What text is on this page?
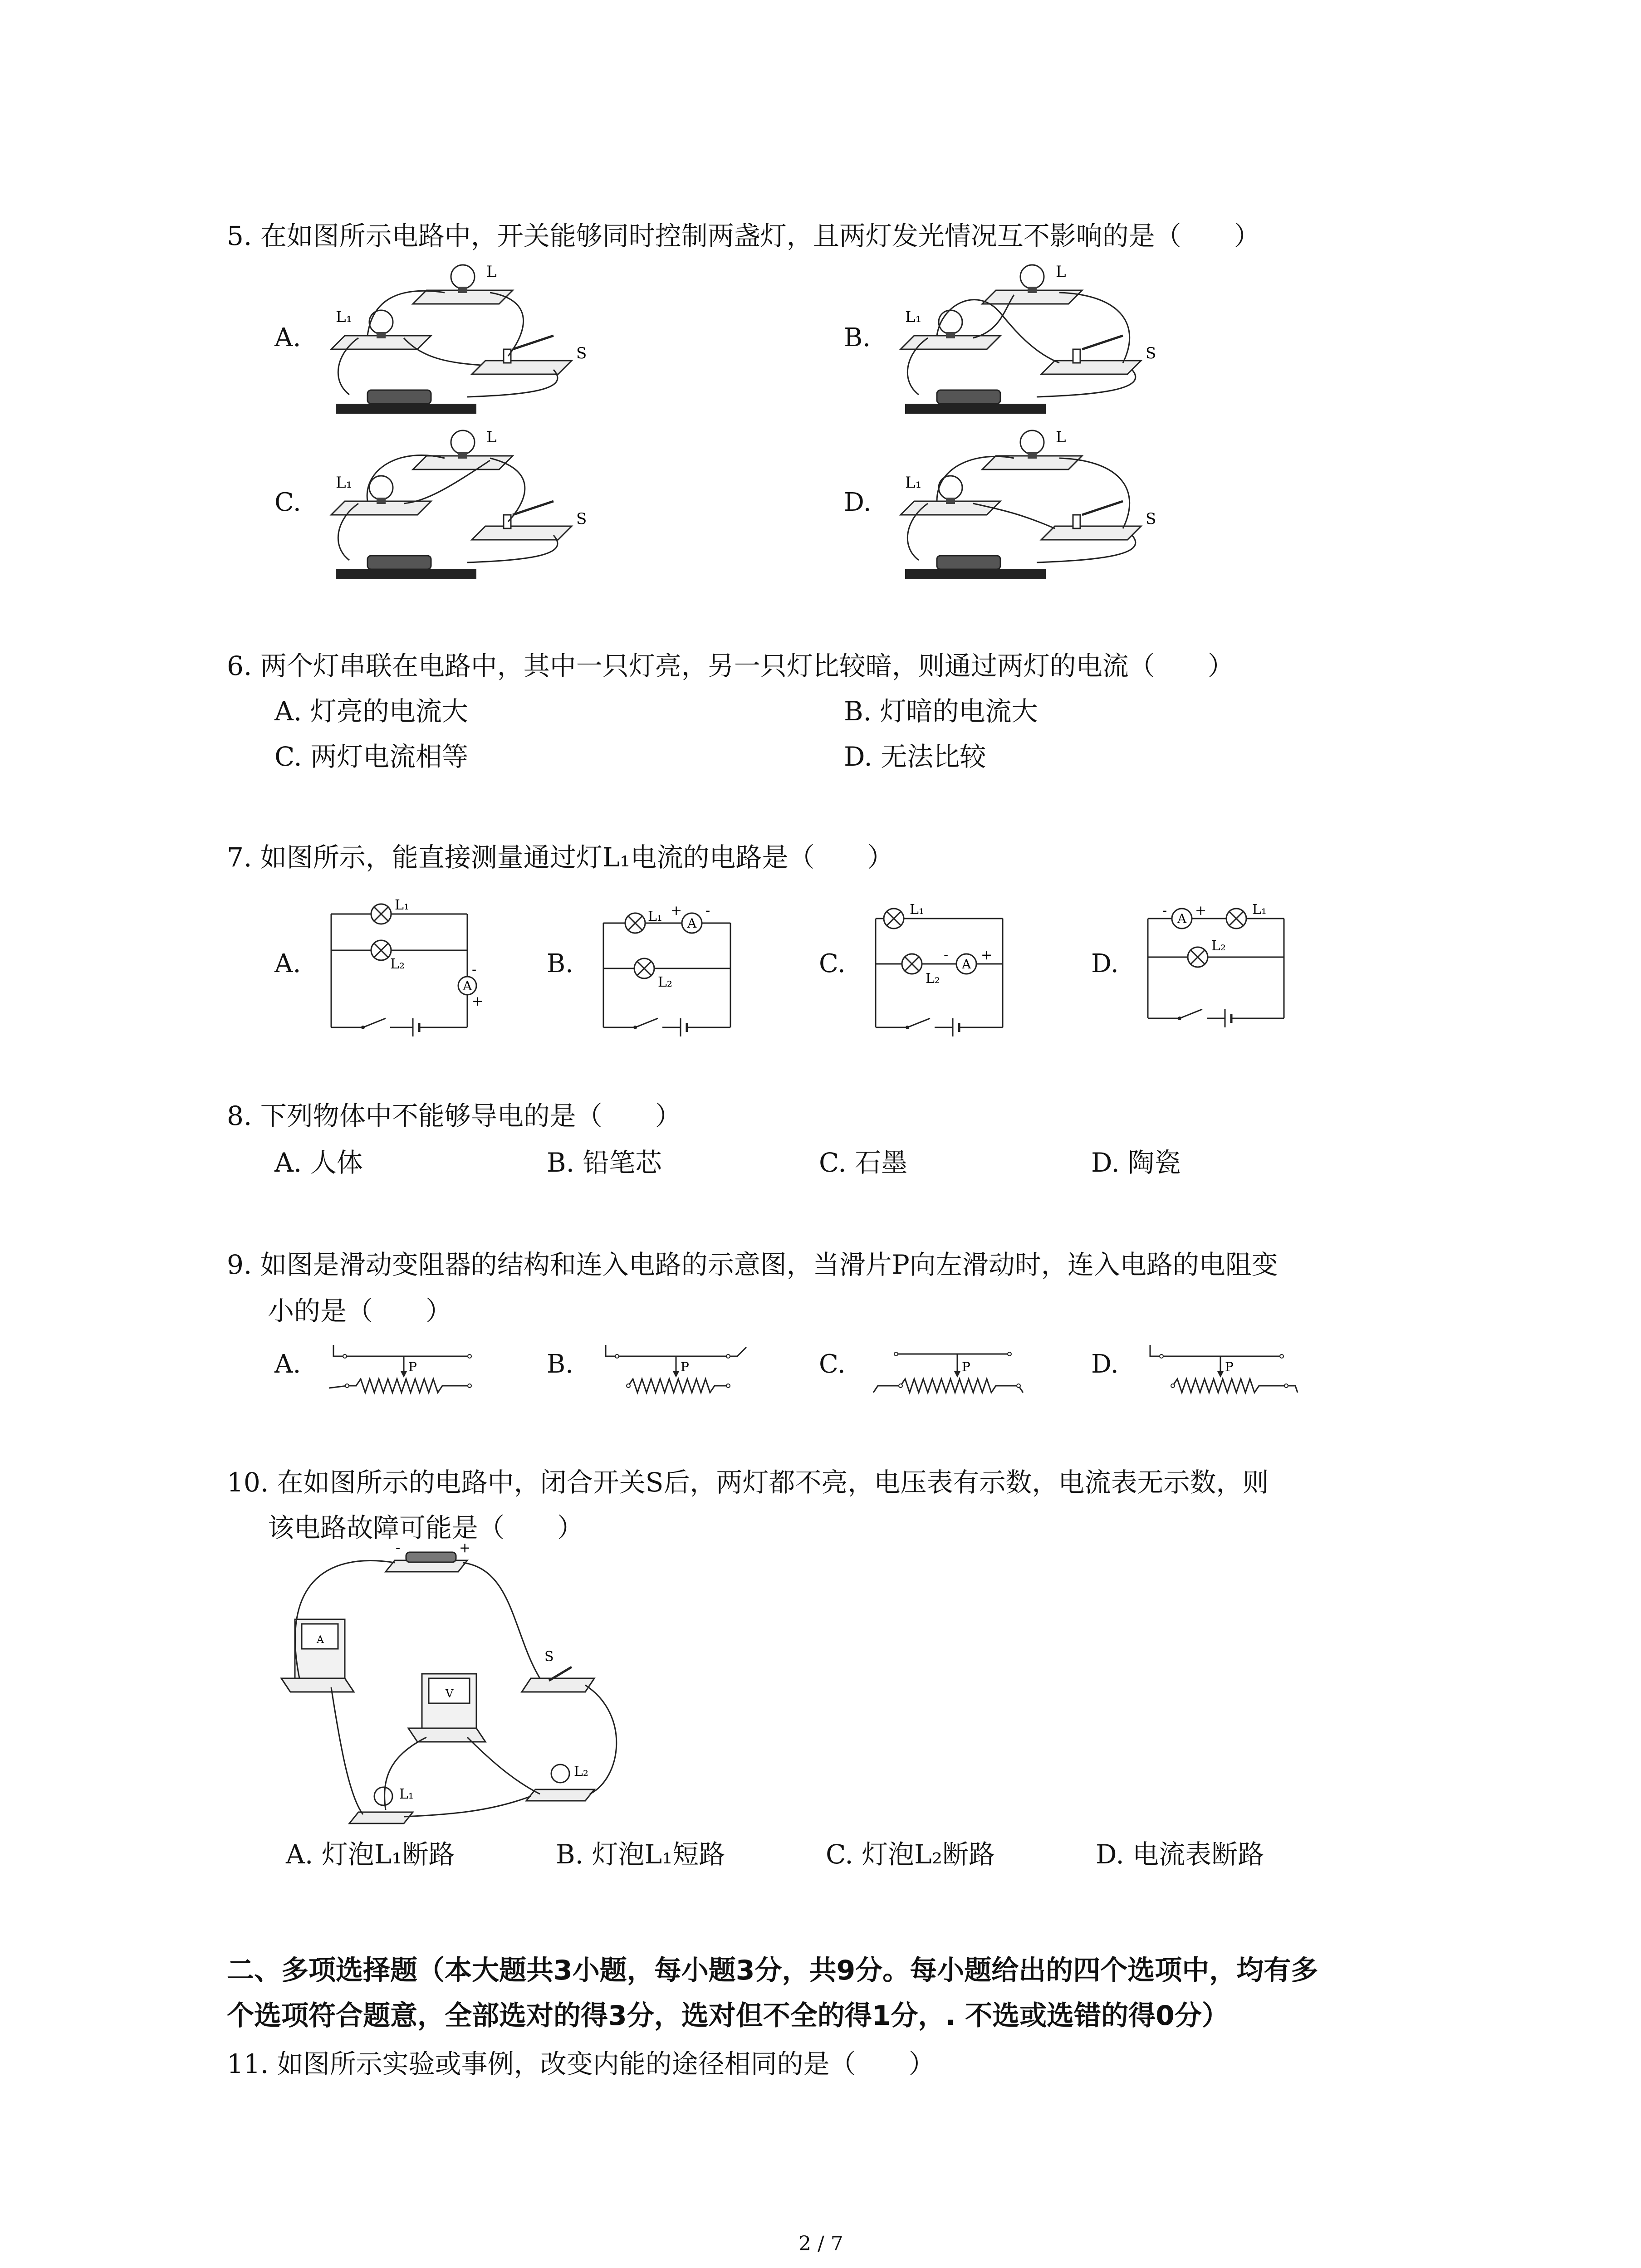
5. 在如图所示电路中，开关能够同时控制两盏灯，且两灯发光情况互不影响的是（　　）
A.
L
L₁
S
B.
L
L₁
S
C.
L
L₁
S
D.
L
L₁
S
6. 两个灯串联在电路中，其中一只灯亮，另一只灯比较暗，则通过两灯的电流（　　）
A. 灯亮的电流大	B. 灯暗的电流大
C. 两灯电流相等	D. 无法比较
7. 如图所示，能直接测量通过灯L₁电流的电路是（　　）
A.
A
L₁
L₂	-
+
B.
A
L₁ + -
L₂
C.	A
L₁
- +
L₂
D.
A
- +	L₁
L₂
8. 下列物体中不能够导电的是（　　）
A. 人体	B. 铅笔芯	C. 石墨	D. 陶瓷
9. 如图是滑动变阻器的结构和连入电路的示意图，当滑片P向左滑动时，连入电路的电阻变
小的是（　　）
A.	P	B.	P	C.	P	D.	P
10. 在如图所示的电路中，闭合开关S后，两灯都不亮，电压表有示数，电流表无示数，则
该电路故障可能是（　　）
-	+
A
V
S
L₁
L₂
A. 灯泡L₁断路	B. 灯泡L₁短路	C. 灯泡L₂断路	D. 电流表断路
二、多项选择题（本大题共3小题，每小题3分，共9分。每小题给出的四个选项中，均有多
个选项符合题意，全部选对的得3分，选对但不全的得1分，. 不选或选错的得0分）
11. 如图所示实验或事例，改变内能的途径相同的是（　　）
2 / 7
